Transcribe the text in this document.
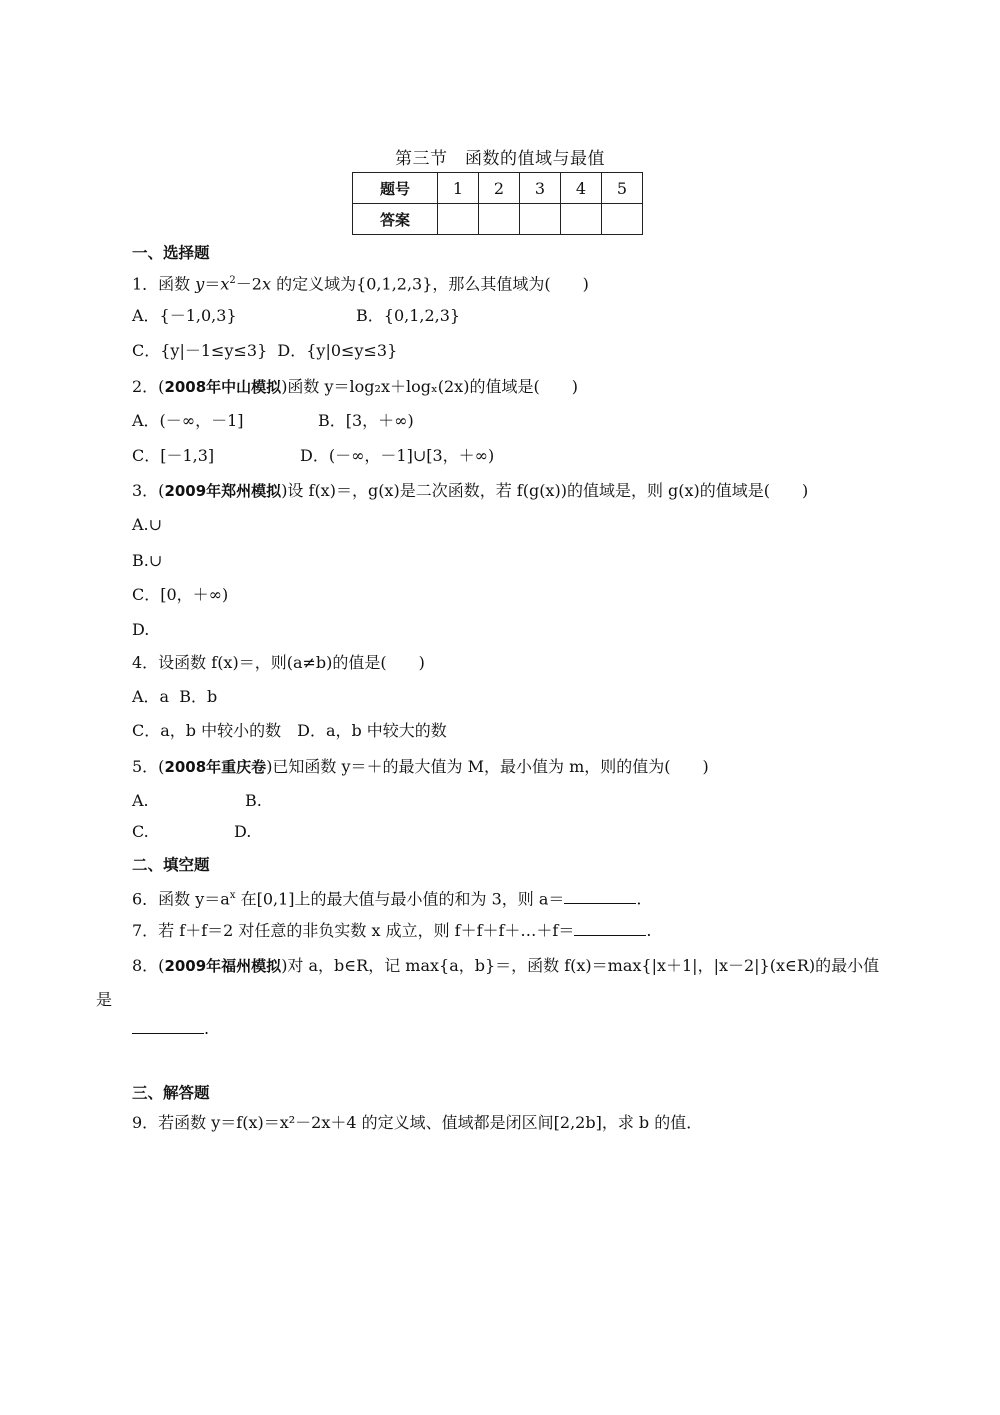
第三节　函数的值域与最值
题号	1	2	3	4	5
答案					
一、选择题
1．函数 $y=x^2-2x$ 的定义域为{0,1,2,3}，那么其值域为(　　)
A．{－1,0,3}	B．{0,1,2,3}
C．{y|－1≤y≤3}  D．{y|0≤y≤3}
2．(2008年中山模拟)函数 y＝log₂x＋logₓ(2x)的值域是(　　)
A．(－∞，－1]	B．[3，＋∞)
C．[－1,3]	D．(－∞，－1]∪[3，＋∞)
3．(2009年郑州模拟)设 f(x)＝，g(x)是二次函数，若 f(g(x))的值域是，则 g(x)的值域是(　　)
A.∪
B.∪
C．[0，＋∞)
D.
4．设函数 f(x)＝，则(a≠b)的值是(　　)
A．a  B．b
C．a，b 中较小的数　D．a，b 中较大的数
5．(2008年重庆卷)已知函数 y＝＋的最大值为 M，最小值为 m，则的值为(　　)
A.	B.
C.	D.
二、填空题
6．函数 $y=a^x$ 在[0,1]上的最大值与最小值的和为 3，则 a＝	.
7．若 f＋f＝2 对任意的非负实数 x 成立，则 f＋f＋f＋…＋f＝	.
8．(2009年福州模拟)对 a，b∈R，记 max{a，b}＝，函数 f(x)＝max{|x＋1|，|x－2|}(x∈R)的最小值
是
.
三、解答题
9．若函数 y＝f(x)＝x²－2x＋4 的定义域、值域都是闭区间[2,2b]，求 b 的值．
